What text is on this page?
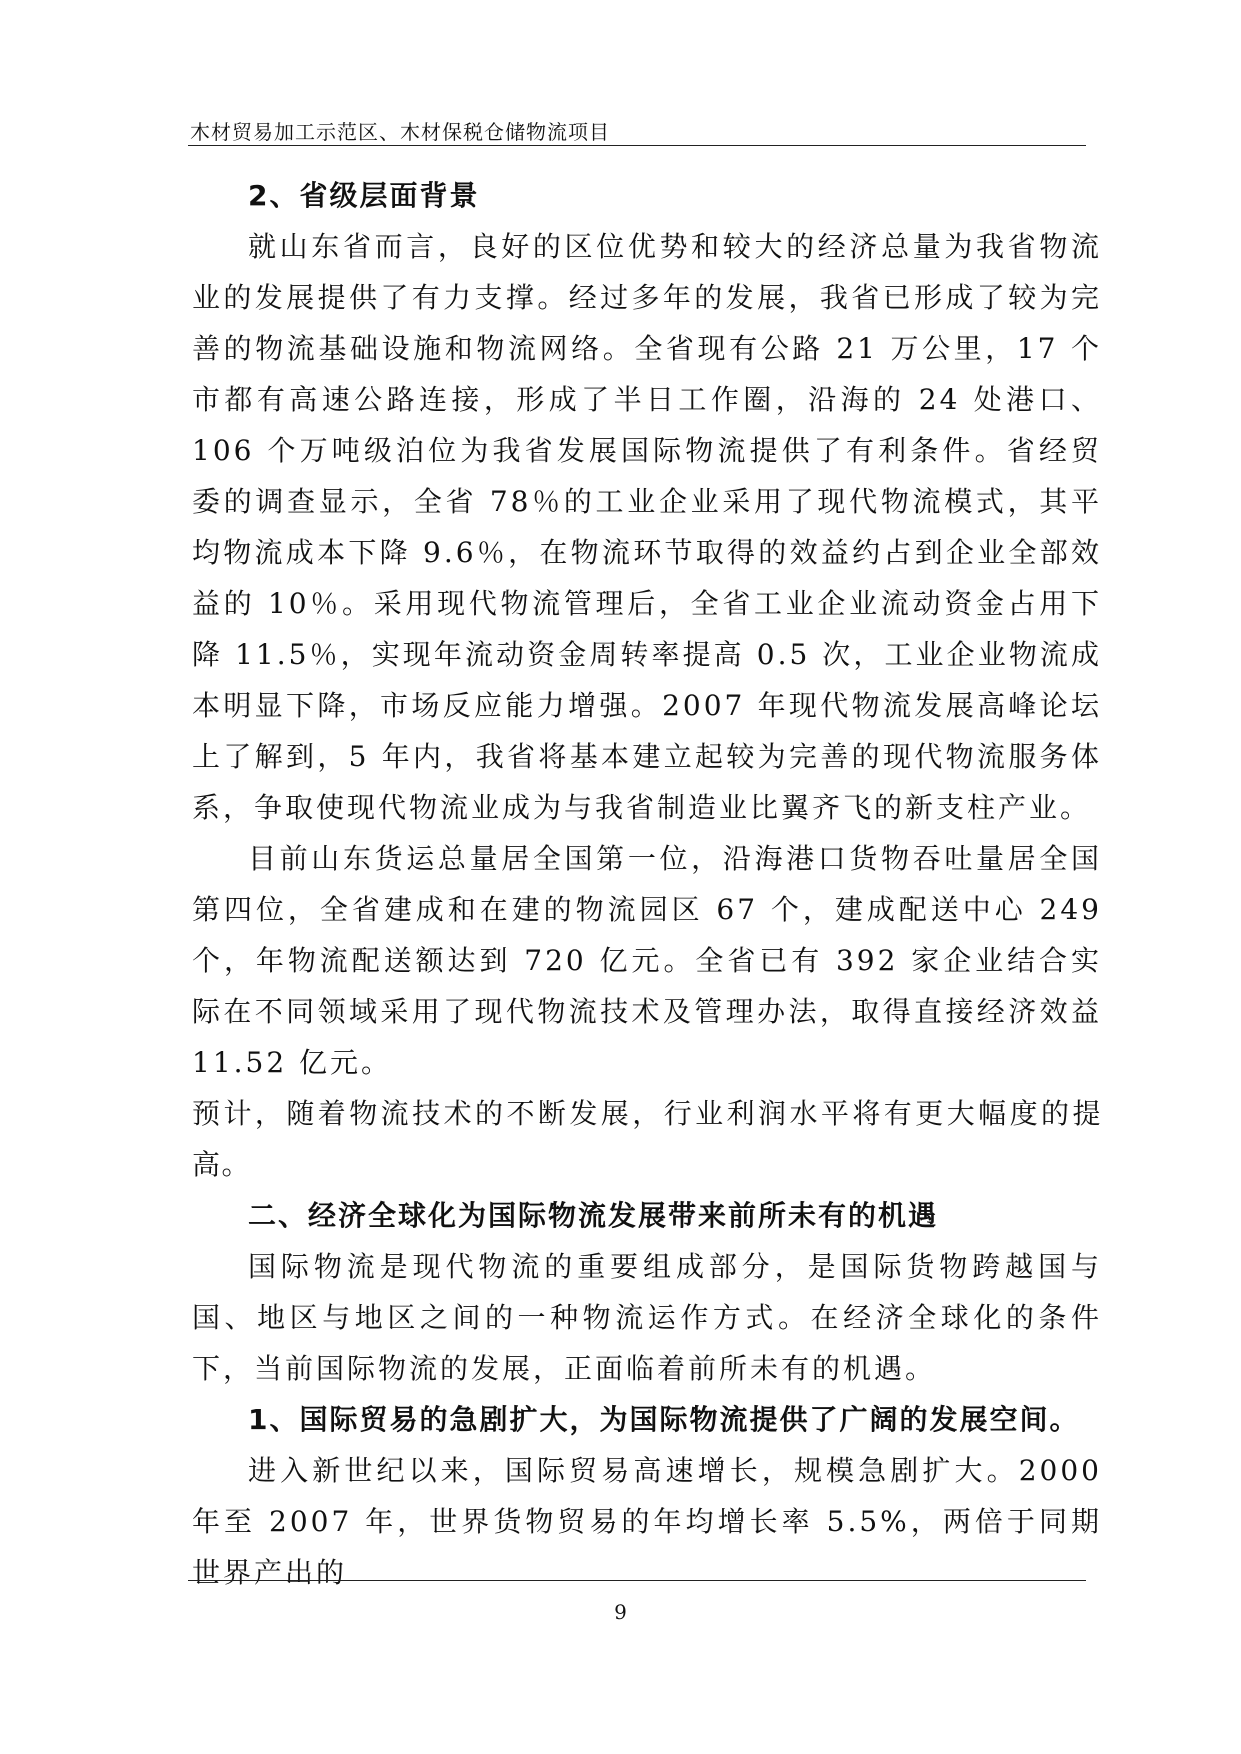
木材贸易加工示范区、木材保税仓储物流项目

2、省级层面背景

就山东省而言，良好的区位优势和较大的经济总量为我省物流业的发展提供了有力支撑。经过多年的发展，我省已形成了较为完善的物流基础设施和物流网络。全省现有公路 21 万公里，17 个市都有高速公路连接，形成了半日工作圈，沿海的 24 处港口、106 个万吨级泊位为我省发展国际物流提供了有利条件。省经贸委的调查显示，全省 78％的工业企业采用了现代物流模式，其平均物流成本下降 9.6％，在物流环节取得的效益约占到企业全部效益的 10％。采用现代物流管理后，全省工业企业流动资金占用下降 11.5％，实现年流动资金周转率提高 0.5 次，工业企业物流成本明显下降，市场反应能力增强。2007 年现代物流发展高峰论坛上了解到，5 年内，我省将基本建立起较为完善的现代物流服务体系，争取使现代物流业成为与我省制造业比翼齐飞的新支柱产业。

目前山东货运总量居全国第一位，沿海港口货物吞吐量居全国第四位，全省建成和在建的物流园区 67 个，建成配送中心 249 个，年物流配送额达到 720 亿元。全省已有 392 家企业结合实际在不同领域采用了现代物流技术及管理办法，取得直接经济效益 11.52 亿元。

预计，随着物流技术的不断发展，行业利润水平将有更大幅度的提高。

二、经济全球化为国际物流发展带来前所未有的机遇

国际物流是现代物流的重要组成部分，是国际货物跨越国与国、地区与地区之间的一种物流运作方式。在经济全球化的条件下，当前国际物流的发展，正面临着前所未有的机遇。

1、国际贸易的急剧扩大，为国际物流提供了广阔的发展空间。

进入新世纪以来，国际贸易高速增长，规模急剧扩大。2000 年至 2007 年，世界货物贸易的年均增长率 5.5%，两倍于同期世界产出的

9
